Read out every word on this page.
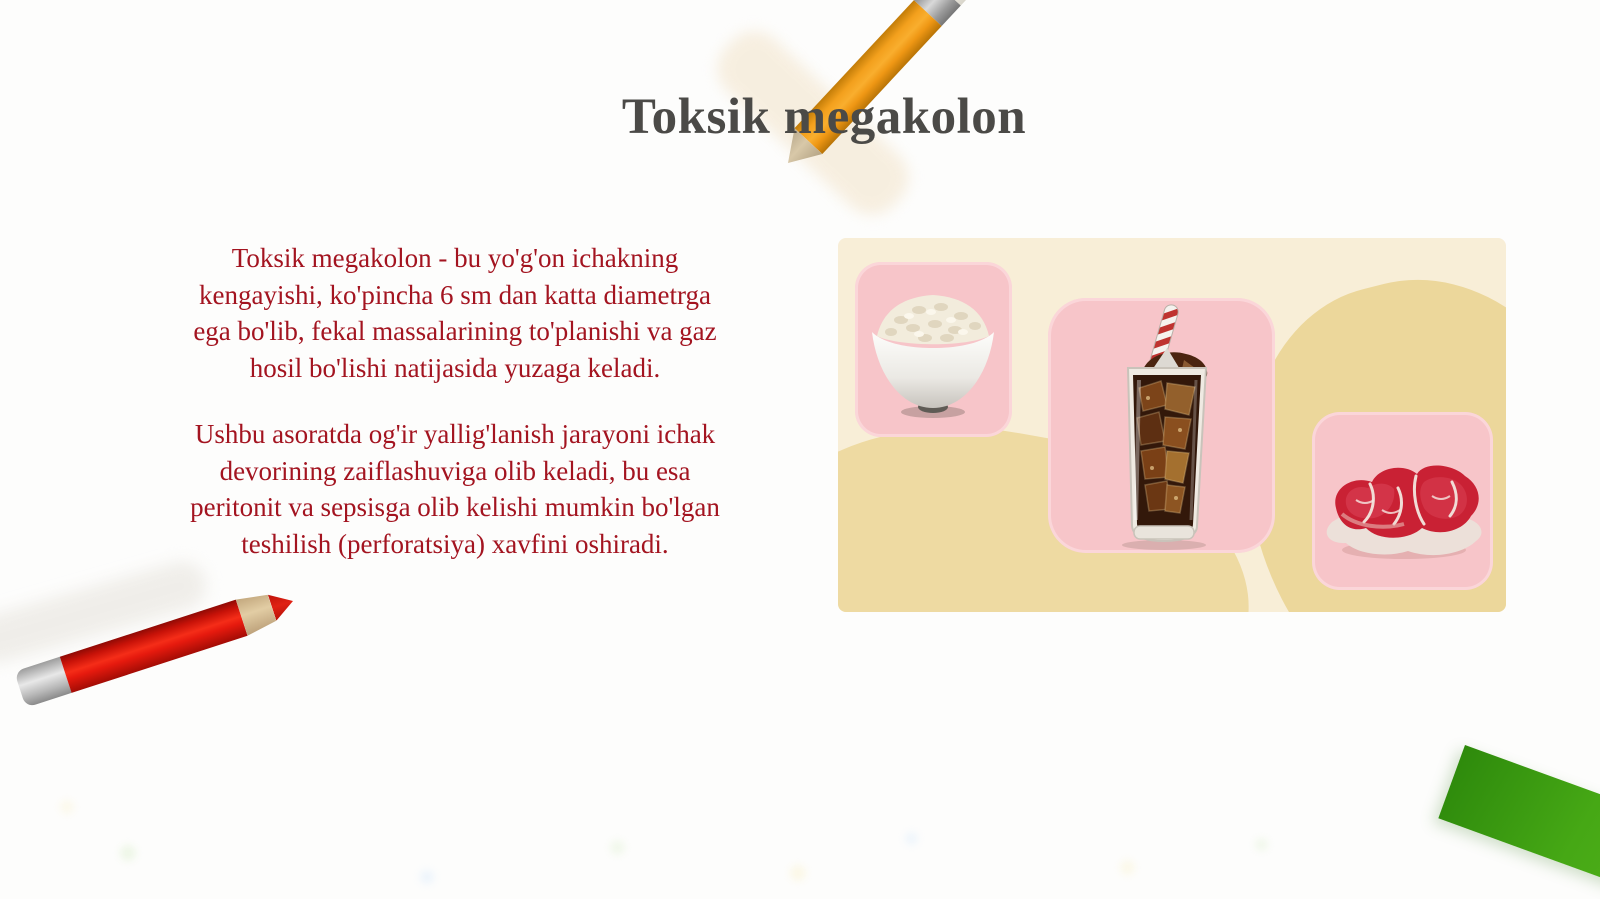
Toksik megakolon
Toksik megakolon - bu yo'g'on ichakning
kengayishi, ko'pincha 6 sm dan katta diametrga
ega bo'lib, fekal massalarining to'planishi va gaz
hosil bo'lishi natijasida yuzaga keladi.
Ushbu asoratda og'ir yallig'lanish jarayoni ichak
devorining zaiflashuviga olib keladi, bu esa
peritonit va sepsisga olib kelishi mumkin bo'lgan
teshilish (perforatsiya) xavfini oshiradi.
